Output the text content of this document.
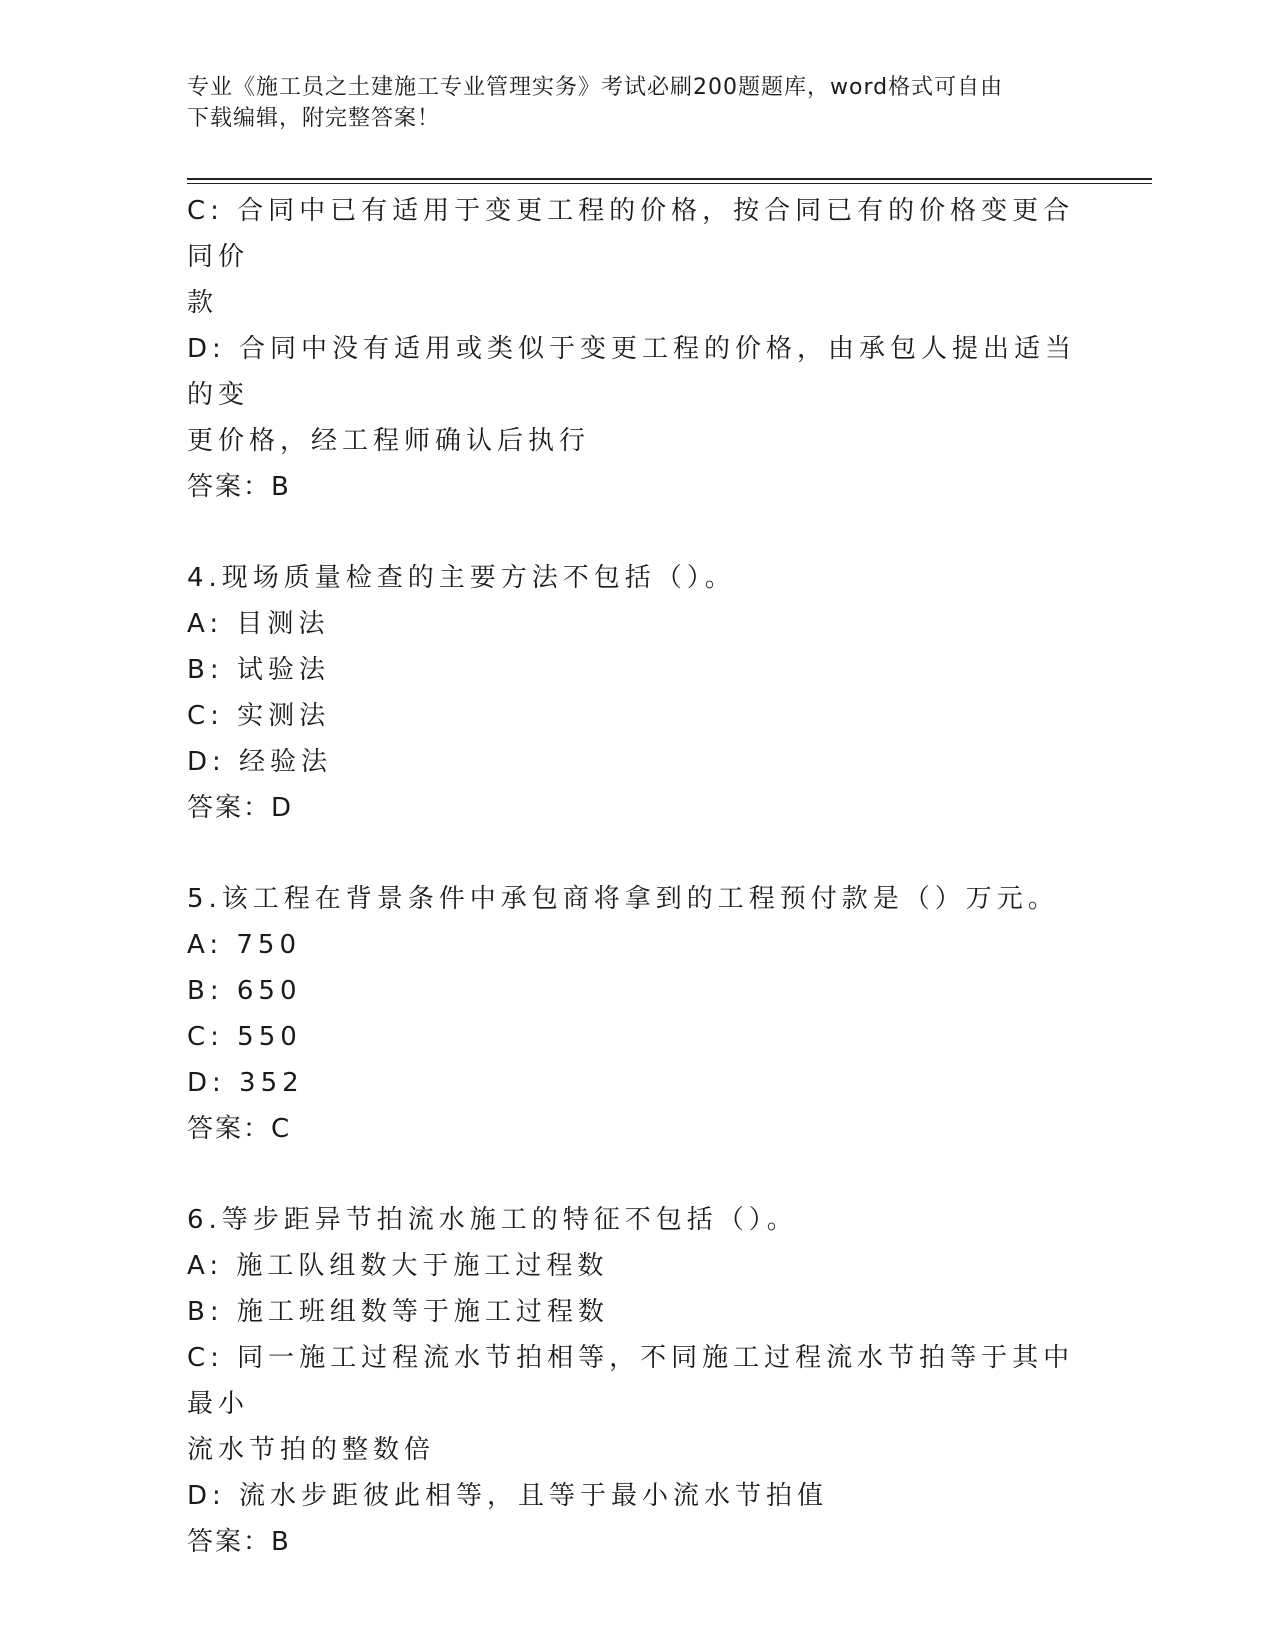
专业《施工员之土建施工专业管理实务》考试必刷200题题库，word格式可自由
下载编辑，附完整答案！

C: 合同中已有适用于变更工程的价格，按合同已有的价格变更合同价

款

D: 合同中没有适用或类似于变更工程的价格，由承包人提出适当的变

更价格，经工程师确认后执行

答案：B

4.现场质量检查的主要方法不包括（）。

A: 目测法

B: 试验法

C: 实测法

D: 经验法

答案：D

5.该工程在背景条件中承包商将拿到的工程预付款是（）万元。

A: 750

B: 650

C: 550

D: 352

答案：C

6.等步距异节拍流水施工的特征不包括（）。

A: 施工队组数大于施工过程数

B: 施工班组数等于施工过程数

C: 同一施工过程流水节拍相等，不同施工过程流水节拍等于其中最小

流水节拍的整数倍

D: 流水步距彼此相等，且等于最小流水节拍值

答案：B
